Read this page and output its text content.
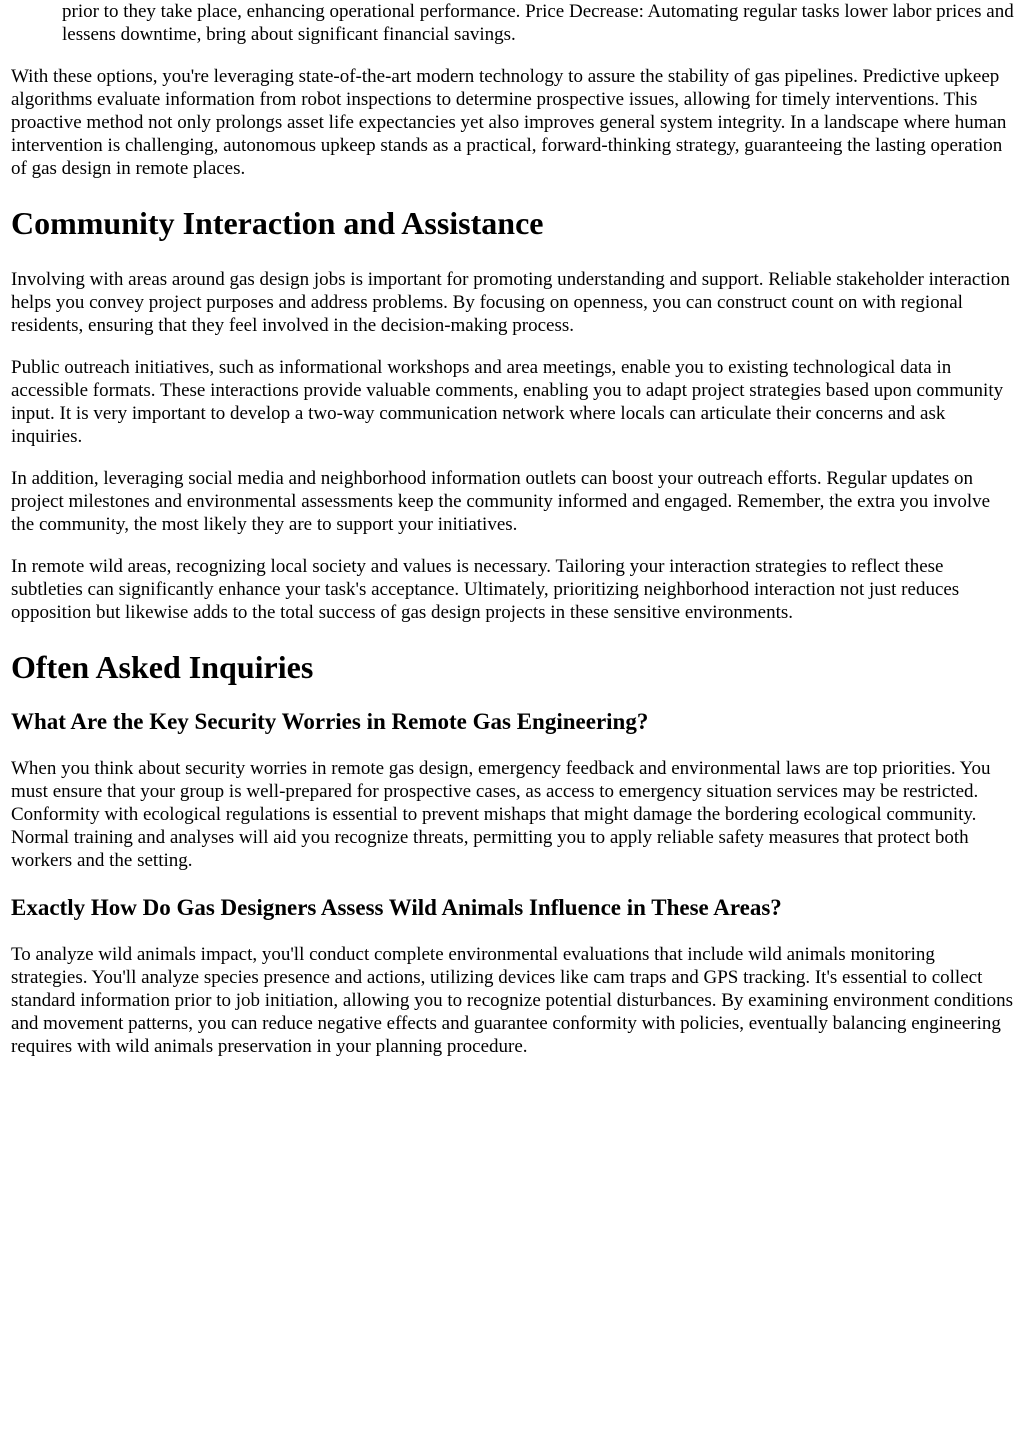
prior to they take place, enhancing operational performance. Price Decrease: Automating regular tasks lower labor prices and lessens downtime, bring about significant financial savings.

With these options, you're leveraging state-of-the-art modern technology to assure the stability of gas pipelines. Predictive upkeep algorithms evaluate information from robot inspections to determine prospective issues, allowing for timely interventions. This proactive method not only prolongs asset life expectancies yet also improves general system integrity. In a landscape where human intervention is challenging, autonomous upkeep stands as a practical, forward-thinking strategy, guaranteeing the lasting operation of gas design in remote places.

Community Interaction and Assistance

Involving with areas around gas design jobs is important for promoting understanding and support. Reliable stakeholder interaction helps you convey project purposes and address problems. By focusing on openness, you can construct count on with regional residents, ensuring that they feel involved in the decision-making process.

Public outreach initiatives, such as informational workshops and area meetings, enable you to existing technological data in accessible formats. These interactions provide valuable comments, enabling you to adapt project strategies based upon community input. It is very important to develop a two-way communication network where locals can articulate their concerns and ask inquiries.

In addition, leveraging social media and neighborhood information outlets can boost your outreach efforts. Regular updates on project milestones and environmental assessments keep the community informed and engaged. Remember, the extra you involve the community, the most likely they are to support your initiatives.

In remote wild areas, recognizing local society and values is necessary. Tailoring your interaction strategies to reflect these subtleties can significantly enhance your task's acceptance. Ultimately, prioritizing neighborhood interaction not just reduces opposition but likewise adds to the total success of gas design projects in these sensitive environments.

Often Asked Inquiries
What Are the Key Security Worries in Remote Gas Engineering?

When you think about security worries in remote gas design, emergency feedback and environmental laws are top priorities. You must ensure that your group is well-prepared for prospective cases, as access to emergency situation services may be restricted. Conformity with ecological regulations is essential to prevent mishaps that might damage the bordering ecological community. Normal training and analyses will aid you recognize threats, permitting you to apply reliable safety measures that protect both workers and the setting.

Exactly How Do Gas Designers Assess Wild Animals Influence in These Areas?

To analyze wild animals impact, you'll conduct complete environmental evaluations that include wild animals monitoring strategies. You'll analyze species presence and actions, utilizing devices like cam traps and GPS tracking. It's essential to collect standard information prior to job initiation, allowing you to recognize potential disturbances. By examining environment conditions and movement patterns, you can reduce negative effects and guarantee conformity with policies, eventually balancing engineering requires with wild animals preservation in your planning procedure.
